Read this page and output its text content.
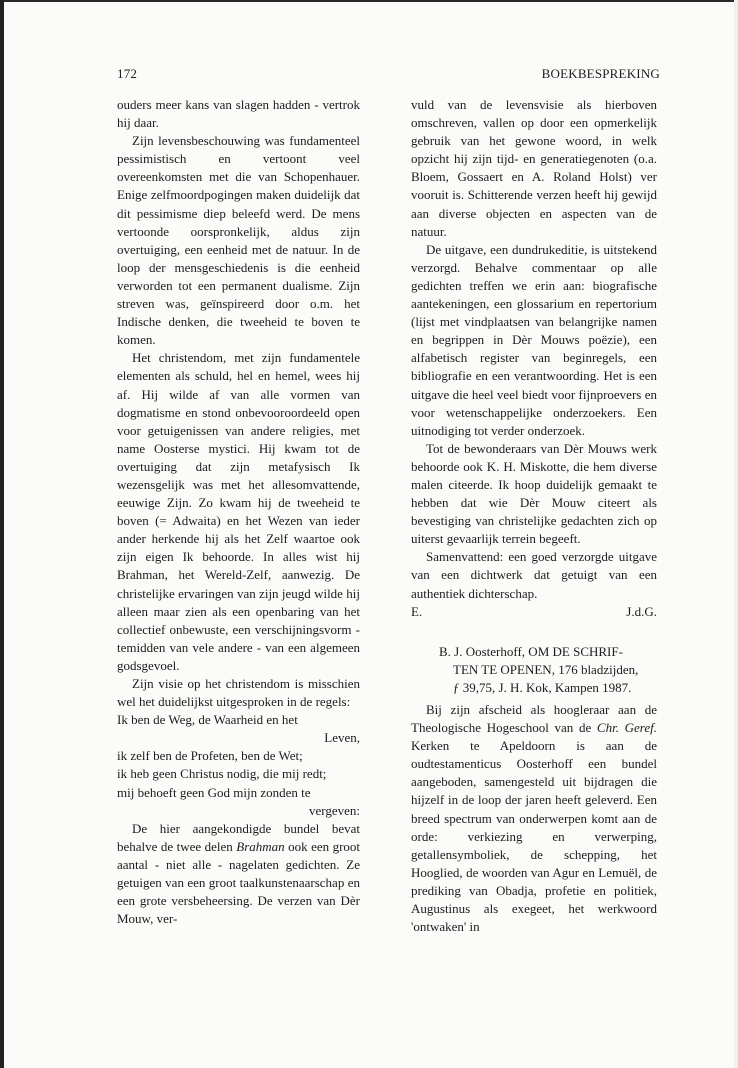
172	BOEKBESPREKING

ouders meer kans van slagen hadden - vertrok hij daar.

Zijn levensbeschouwing was fundamenteel pessimistisch en vertoont veel overeenkomsten met die van Schopenhauer. Enige zelfmoordpogingen maken duidelijk dat dit pessimisme diep beleefd werd. De mens vertoonde oorspronkelijk, aldus zijn overtuiging, een eenheid met de natuur. In de loop der mensgeschiedenis is die eenheid verworden tot een permanent dualisme. Zijn streven was, geïnspireerd door o.m. het Indische denken, die tweeheid te boven te komen.

Het christendom, met zijn fundamentele elementen als schuld, hel en hemel, wees hij af. Hij wilde af van alle vormen van dogmatisme en stond onbevooroordeeld open voor getuigenissen van andere religies, met name Oosterse mystici. Hij kwam tot de overtuiging dat zijn metafysisch Ik wezensgelijk was met het allesomvattende, eeuwige Zijn. Zo kwam hij de tweeheid te boven (= Adwaita) en het Wezen van ieder ander herkende hij als het Zelf waartoe ook zijn eigen Ik behoorde. In alles wist hij Brahman, het Wereld-Zelf, aanwezig. De christelijke ervaringen van zijn jeugd wilde hij alleen maar zien als een openbaring van het collectief onbewuste, een verschijningsvorm - temidden van vele andere - van een algemeen godsgevoel.

Zijn visie op het christendom is misschien wel het duidelijkst uitgesproken in de regels:

Ik ben de Weg, de Waarheid en het
Leven,
ik zelf ben de Profeten, ben de Wet;
ik heb geen Christus nodig, die mij redt;
mij behoeft geen God mijn zonden te
vergeven:

De hier aangekondigde bundel bevat behalve de twee delen Brahman ook een groot aantal - niet alle - nagelaten gedichten. Ze getuigen van een groot taalkunstenaarschap en een grote versbeheersing. De verzen van Dèr Mouw, ver-

vuld van de levensvisie als hierboven omschreven, vallen op door een opmerkelijk gebruik van het gewone woord, in welk opzicht hij zijn tijd- en generatiegenoten (o.a. Bloem, Gossaert en A. Roland Holst) ver vooruit is. Schitterende verzen heeft hij gewijd aan diverse objecten en aspecten van de natuur.

De uitgave, een dundrukeditie, is uitstekend verzorgd. Behalve commentaar op alle gedichten treffen we erin aan: biografische aantekeningen, een glossarium en repertorium (lijst met vindplaatsen van belangrijke namen en begrippen in Dèr Mouws poëzie), een alfabetisch register van beginregels, een bibliografie en een verantwoording. Het is een uitgave die heel veel biedt voor fijnproevers en voor wetenschappelijke onderzoekers. Een uitnodiging tot verder onderzoek.

Tot de bewonderaars van Dèr Mouws werk behoorde ook K. H. Miskotte, die hem diverse malen citeerde. Ik hoop duidelijk gemaakt te hebben dat wie Dèr Mouw citeert als bevestiging van christelijke gedachten zich op uiterst gevaarlijk terrein begeeft.

Samenvattend: een goed verzorgde uitgave van een dichtwerk dat getuigt van een authentiek dichterschap.

E.	J.d.G.
B. J. Oosterhoff, OM DE SCHRIF-
TEN TE OPENEN, 176 bladzijden,
ƒ 39,75, J. H. Kok, Kampen 1987.

Bij zijn afscheid als hoogleraar aan de Theologische Hogeschool van de Chr. Geref. Kerken te Apeldoorn is aan de oudtestamenticus Oosterhoff een bundel aangeboden, samengesteld uit bijdragen die hijzelf in de loop der jaren heeft geleverd. Een breed spectrum van onderwerpen komt aan de orde: verkiezing en verwerping, getallensymboliek, de schepping, het Hooglied, de woorden van Agur en Lemuël, de prediking van Obadja, profetie en politiek, Augustinus als exegeet, het werkwoord 'ontwaken' in
